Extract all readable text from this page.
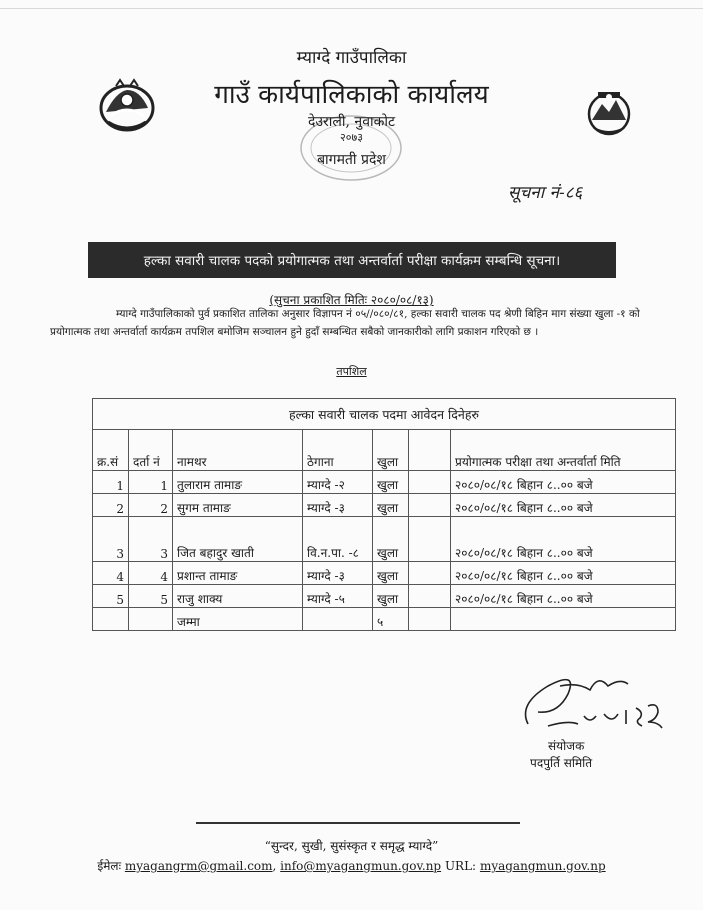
म्याग्दे गाउँपालिका
गाउँ कार्यपालिकाको कार्यालय
देउराली, नुवाकोट
२०७३
बागमती प्रदेश
सूचना नं-८६
हल्का सवारी चालक पदको प्रयोगात्मक तथा अन्तर्वार्ता परीक्षा कार्यक्रम सम्बन्धि सूचना।
(सुचना प्रकाशित मितिः २०८०/०८/१३)
म्याग्दे गाउँपालिकाको पुर्व प्रकाशित तालिका अनुसार विज्ञापन नं ०५//०८०/८१, हल्का सवारी चालक पद श्रेणी बिहिन माग संख्या खुला -१ को प्रयोगात्मक तथा अन्तर्वार्ता कार्यक्रम तपशिल बमोजिम सञ्चालन हुने हुदाँ सम्बन्धित सबैको जानकारीको लागि प्रकाशन गरिएको छ ।
तपशिल
हल्का सवारी चालक पदमा आवेदन दिनेहरु						
क्र.सं	दर्ता नं	नामथर	ठेगाना	खुला		प्रयोगात्मक परीक्षा तथा अन्तर्वार्ता मिति
1	1	तुलाराम तामाङ	म्याग्दे -२	खुला		२०८०/०८/१८ बिहान ८..०० बजे
2	2	सुगम तामाङ	म्याग्दे -३	खुला		२०८०/०८/१८ बिहान ८..०० बजे
3	3	जित बहादुर खाती	वि.न.पा. -८	खुला		२०८०/०८/१८ बिहान ८..०० बजे
4	4	प्रशान्त तामाङ	म्याग्दे -३	खुला		२०८०/०८/१८ बिहान ८..०० बजे
5	5	राजु शाक्य	म्याग्दे -५	खुला		२०८०/०८/१८ बिहान ८..०० बजे
		जम्मा		५		
संयोजक
पदपुर्ति समिति
“सुन्दर, सुखी, सुसंस्कृत र समृद्ध म्याग्दे”
ईमेलः myagangrm@gmail.com, info@myagangmun.gov.np URL: myagangmun.gov.np
